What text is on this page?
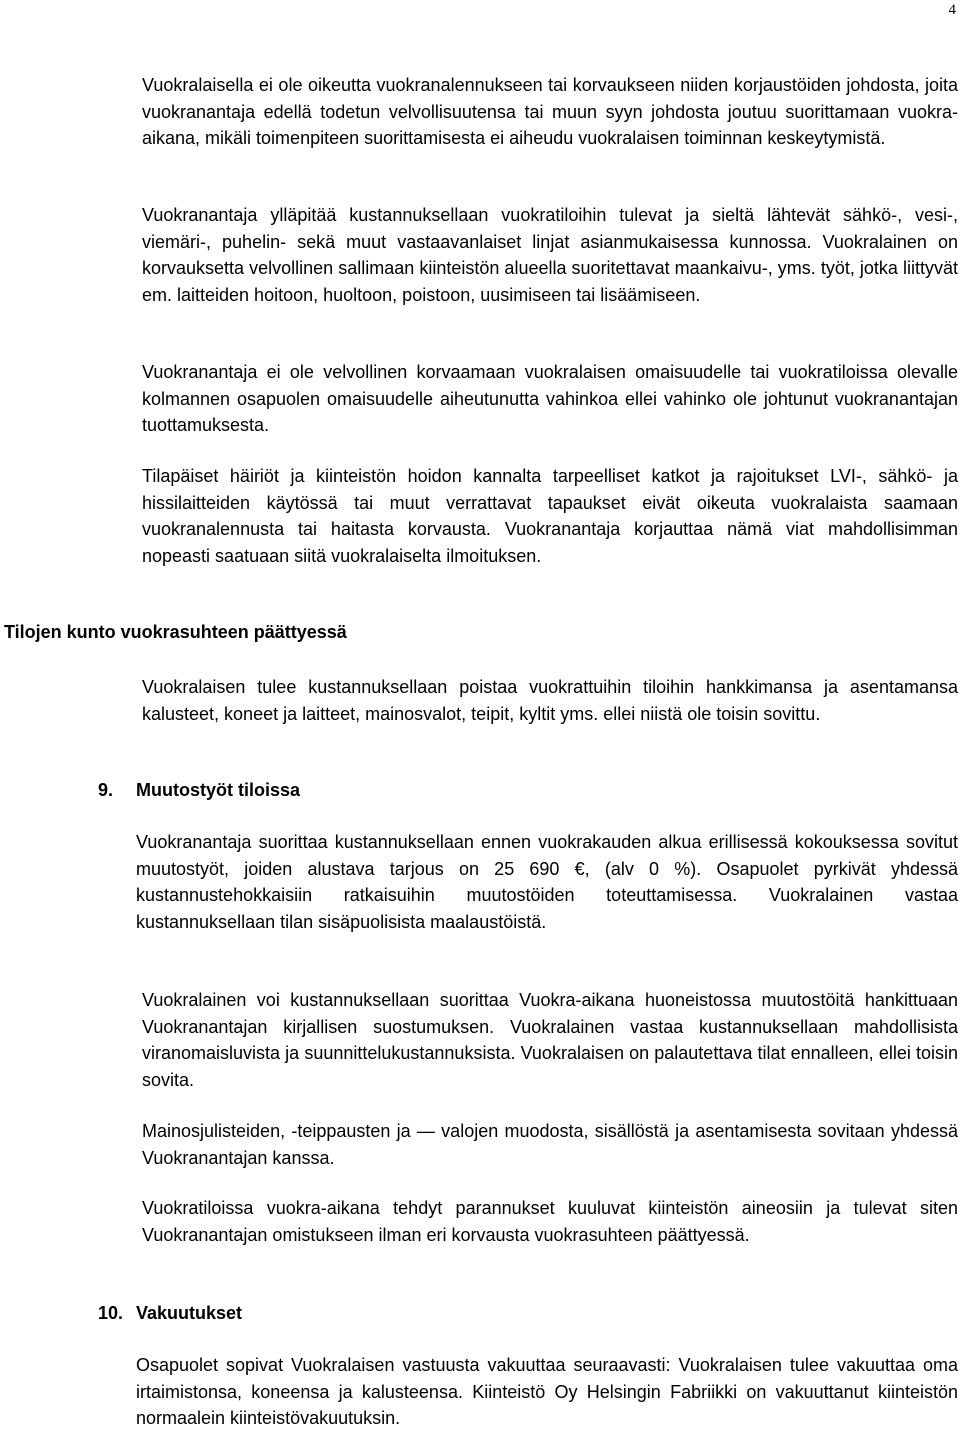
4

Vuokralaisella ei ole oikeutta vuokranalennukseen tai korvaukseen niiden korjaustöiden johdosta, joita vuokranantaja edellä todetun velvollisuutensa tai muun syyn johdosta joutuu suorittamaan vuokra-aikana, mikäli toimenpiteen suorittamisesta ei aiheudu vuokralaisen toiminnan keskeytymistä.

Vuokranantaja ylläpitää kustannuksellaan vuokratiloihin tulevat ja sieltä lähtevät sähkö-, vesi-, viemäri-, puhelin- sekä muut vastaavanlaiset linjat asianmukaisessa kunnossa. Vuokralainen on korvauksetta velvollinen sallimaan kiinteistön alueella suoritettavat maankaivu-, yms. työt, jotka liittyvät em. laitteiden hoitoon, huoltoon, poistoon, uusimiseen tai lisäämiseen.

Vuokranantaja ei ole velvollinen korvaamaan vuokralaisen omaisuudelle tai vuokratiloissa olevalle kolmannen osapuolen omaisuudelle aiheutunutta vahinkoa ellei vahinko ole johtunut vuokranantajan tuottamuksesta.

Tilapäiset häiriöt ja kiinteistön hoidon kannalta tarpeelliset katkot ja rajoitukset LVI-, sähkö- ja hissilaitteiden käytössä tai muut verrattavat tapaukset eivät oikeuta vuokralaista saamaan vuokranalennusta tai haitasta korvausta. Vuokranantaja korjauttaa nämä viat mahdollisimman nopeasti saatuaan siitä vuokralaiselta ilmoituksen.

Tilojen kunto vuokrasuhteen päättyessä

Vuokralaisen tulee kustannuksellaan poistaa vuokrattuihin tiloihin hankkimansa ja asentamansa kalusteet, koneet ja laitteet, mainosvalot, teipit, kyltit yms. ellei niistä ole toisin sovittu.

9. Muutostyöt tiloissa

Vuokranantaja suorittaa kustannuksellaan ennen vuokrakauden alkua erillisessä kokouksessa sovitut muutostyöt, joiden alustava tarjous on 25 690 €, (alv 0 %). Osapuolet pyrkivät yhdessä kustannustehokkaisiin ratkaisuihin muutostöiden toteuttamisessa. Vuokralainen vastaa kustannuksellaan tilan sisäpuolisista maalaustöistä.

Vuokralainen voi kustannuksellaan suorittaa Vuokra-aikana huoneistossa muutostöitä hankittuaan Vuokranantajan kirjallisen suostumuksen. Vuokralainen vastaa kustannuksellaan mahdollisista viranomaisluvista ja suunnittelukustannuksista. Vuokralaisen on palautettava tilat ennalleen, ellei toisin sovita.

Mainosjulisteiden, -teippausten ja — valojen muodosta, sisällöstä ja asentamisesta sovitaan yhdessä Vuokranantajan kanssa.

Vuokratiloissa vuokra-aikana tehdyt parannukset kuuluvat kiinteistön aineosiin ja tulevat siten Vuokranantajan omistukseen ilman eri korvausta vuokrasuhteen päättyessä.

10. Vakuutukset

Osapuolet sopivat Vuokralaisen vastuusta vakuuttaa seuraavasti: Vuokralaisen tulee vakuuttaa oma irtaimistonsa, koneensa ja kalusteensa. Kiinteistö Oy Helsingin Fabriikki on vakuuttanut kiinteistön normaalein kiinteistövakuutuksin.
